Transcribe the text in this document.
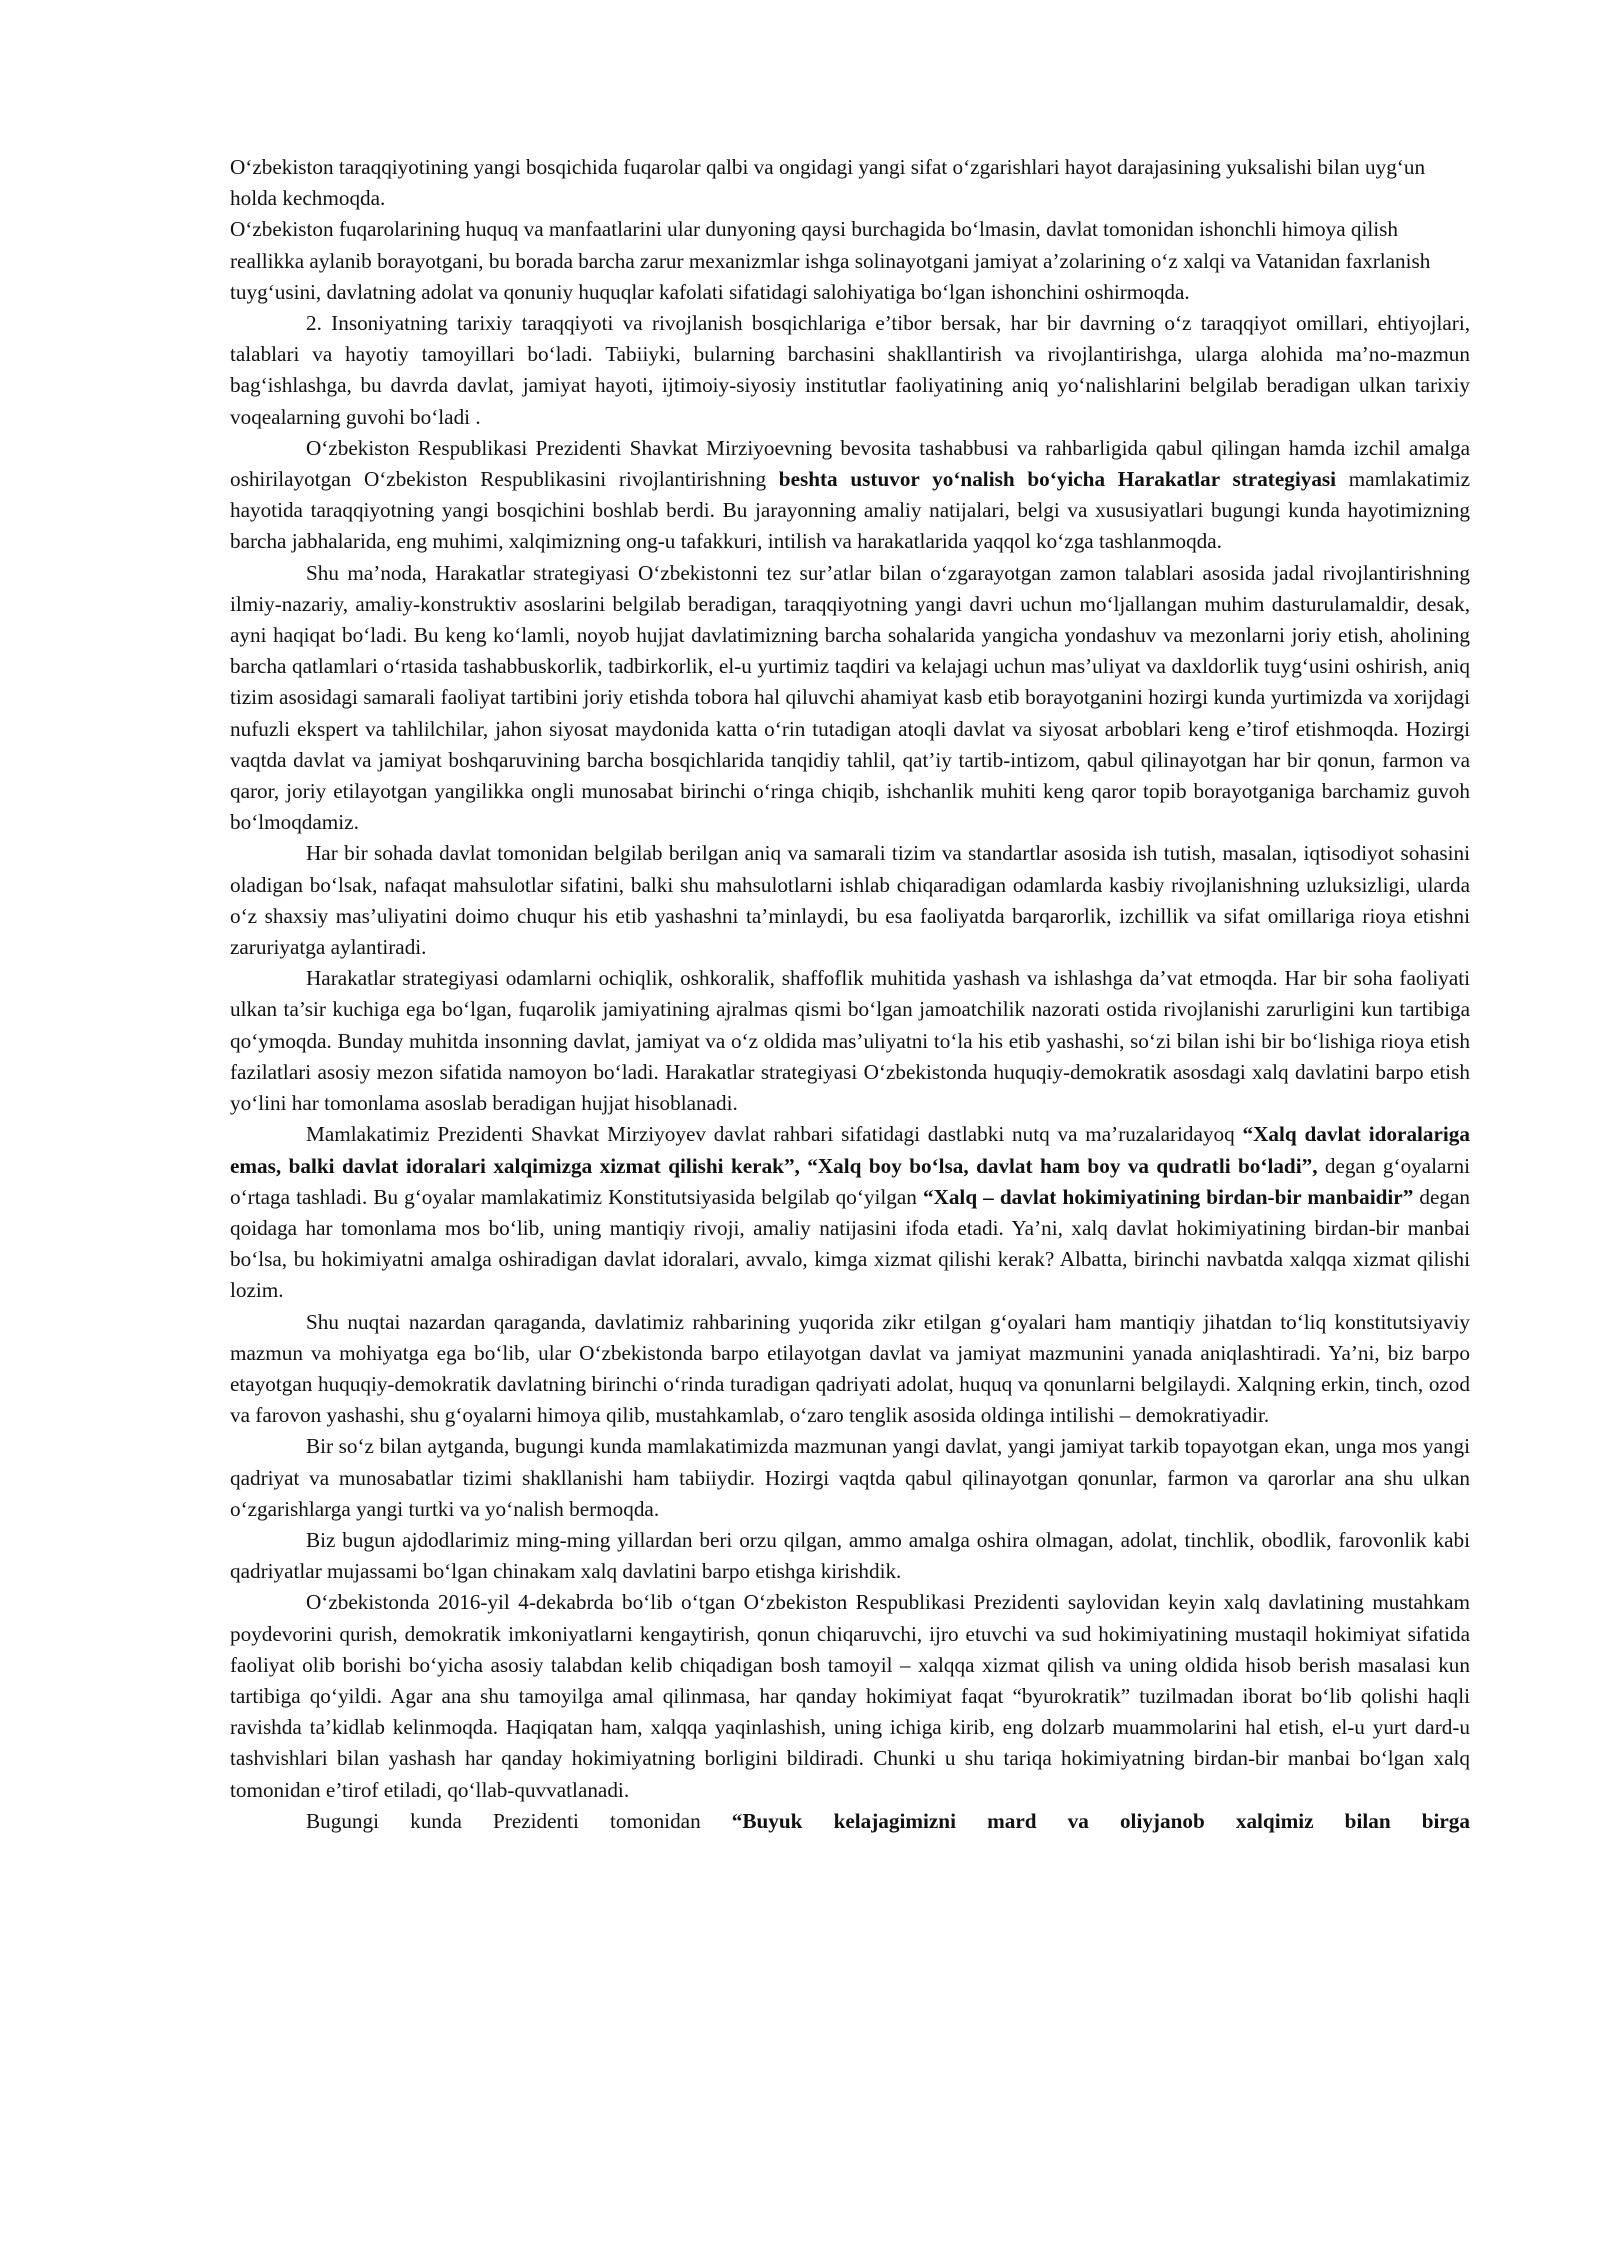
O‘zbekiston taraqqiyotining yangi bosqichida fuqarolar qalbi va ongidagi yangi sifat o‘zgarishlari hayot darajasining yuksalishi bilan uyg‘un holda kechmoqda.

O‘zbekiston fuqarolarining huquq va manfaatlarini ular dunyoning qaysi burchagida bo‘lmasin, davlat tomonidan ishonchli himoya qilish reallikka aylanib borayotgani, bu borada barcha zarur mexanizmlar ishga solinayotgani jamiyat a’zolarining o‘z xalqi va Vatanidan faxrlanish tuyg‘usini, davlatning adolat va qonuniy huquqlar kafolati sifatidagi salohiyatiga bo‘lgan ishonchini oshirmoqda.

2. Insoniyatning tarixiy taraqqiyoti va rivojlanish bosqichlariga e’tibor bersak, har bir davrning o‘z taraqqiyot omillari, ehtiyojlari, talablari va hayotiy tamoyillari bo‘ladi. Tabiiyki, bularning barchasini shakllantirish va rivojlantirishga, ularga alohida ma’no-mazmun bag‘ishlashga, bu davrda davlat, jamiyat hayoti, ijtimoiy-siyosiy institutlar faoliyatining aniq yo‘nalishlarini belgilab beradigan ulkan tarixiy voqealarning guvohi bo‘ladi .

O‘zbekiston Respublikasi Prezidenti Shavkat Mirziyoevning bevosita tashabbusi va rahbarligida qabul qilingan hamda izchil amalga oshirilayotgan O‘zbekiston Respublikasini rivojlantirishning beshta ustuvor yo‘nalish bo‘yicha Harakatlar strategiyasi mamlakatimiz hayotida taraqqiyotning yangi bosqichini boshlab berdi. Bu jarayonning amaliy natijalari, belgi va xususiyatlari bugungi kunda hayotimizning barcha jabhalarida, eng muhimi, xalqimizning ong-u tafakkuri, intilish va harakatlarida yaqqol ko‘zga tashlanmoqda.

Shu ma’noda, Harakatlar strategiyasi O‘zbekistonni tez sur’atlar bilan o‘zgarayotgan zamon talablari asosida jadal rivojlantirishning ilmiy-nazariy, amaliy-konstruktiv asoslarini belgilab beradigan, taraqqiyotning yangi davri uchun mo‘ljallangan muhim dasturulamaldir, desak, ayni haqiqat bo‘ladi. Bu keng ko‘lamli, noyob hujjat davlatimizning barcha sohalarida yangicha yondashuv va mezonlarni joriy etish, aholining barcha qatlamlari o‘rtasida tashabbuskorlik, tadbirkorlik, el-u yurtimiz taqdiri va kelajagi uchun mas’uliyat va daxldorlik tuyg‘usini oshirish, aniq tizim asosidagi samarali faoliyat tartibini joriy etishda tobora hal qiluvchi ahamiyat kasb etib borayotganini hozirgi kunda yurtimizda va xorijdagi nufuzli ekspert va tahlilchilar, jahon siyosat maydonida katta o‘rin tutadigan atoqli davlat va siyosat arboblari keng e’tirof etishmoqda. Hozirgi vaqtda davlat va jamiyat boshqaruvining barcha bosqichlarida tanqidiy tahlil, qat’iy tartib-intizom, qabul qilinayotgan har bir qonun, farmon va qaror, joriy etilayotgan yangilikka ongli munosabat birinchi o‘ringa chiqib, ishchanlik muhiti keng qaror topib borayotganiga barchamiz guvoh bo‘lmoqdamiz.

Har bir sohada davlat tomonidan belgilab berilgan aniq va samarali tizim va standartlar asosida ish tutish, masalan, iqtisodiyot sohasini oladigan bo‘lsak, nafaqat mahsulotlar sifatini, balki shu mahsulotlarni ishlab chiqaradigan odamlarda kasbiy rivojlanishning uzluksizligi, ularda o‘z shaxsiy mas’uliyatini doimo chuqur his etib yashashni ta’minlaydi, bu esa faoliyatda barqarorlik, izchillik va sifat omillariga rioya etishni zaruriyatga aylantiradi.

Harakatlar strategiyasi odamlarni ochiqlik, oshkoralik, shaffoflik muhitida yashash va ishlashga da’vat etmoqda. Har bir soha faoliyati ulkan ta’sir kuchiga ega bo‘lgan, fuqarolik jamiyatining ajralmas qismi bo‘lgan jamoatchilik nazorati ostida rivojlanishi zarurligini kun tartibiga qo‘ymoqda. Bunday muhitda insonning davlat, jamiyat va o‘z oldida mas’uliyatni to‘la his etib yashashi, so‘zi bilan ishi bir bo‘lishiga rioya etish fazilatlari asosiy mezon sifatida namoyon bo‘ladi. Harakatlar strategiyasi O‘zbekistonda huquqiy-demokratik asosdagi xalq davlatini barpo etish yo‘lini har tomonlama asoslab beradigan hujjat hisoblanadi.

Mamlakatimiz Prezidenti Shavkat Mirziyoyev davlat rahbari sifatidagi dastlabki nutq va ma’ruzalaridayoq “Xalq davlat idoralariga emas, balki davlat idoralari xalqimizga xizmat qilishi kerak”, “Xalq boy bo‘lsa, davlat ham boy va qudratli bo‘ladi”, degan g‘oyalarni o‘rtaga tashladi. Bu g‘oyalar mamlakatimiz Konstitutsiyasida belgilab qo‘yilgan “Xalq – davlat hokimiyatining birdan-bir manbaidir” degan qoidaga har tomonlama mos bo‘lib, uning mantiqiy rivoji, amaliy natijasini ifoda etadi. Ya’ni, xalq davlat hokimiyatining birdan-bir manbai bo‘lsa, bu hokimiyatni amalga oshiradigan davlat idoralari, avvalo, kimga xizmat qilishi kerak? Albatta, birinchi navbatda xalqqa xizmat qilishi lozim.

Shu nuqtai nazardan qaraganda, davlatimiz rahbarining yuqorida zikr etilgan g‘oyalari ham mantiqiy jihatdan to‘liq konstitutsiyaviy mazmun va mohiyatga ega bo‘lib, ular O‘zbekistonda barpo etilayotgan davlat va jamiyat mazmunini yanada aniqlashtiradi. Ya’ni, biz barpo etayotgan huquqiy-demokratik davlatning birinchi o‘rinda turadigan qadriyati adolat, huquq va qonunlarni belgilaydi. Xalqning erkin, tinch, ozod va farovon yashashi, shu g‘oyalarni himoya qilib, mustahkamlab, o‘zaro tenglik asosida oldinga intilishi – demokratiyadir.

Bir so‘z bilan aytganda, bugungi kunda mamlakatimizda mazmunan yangi davlat, yangi jamiyat tarkib topayotgan ekan, unga mos yangi qadriyat va munosabatlar tizimi shakllanishi ham tabiiydir. Hozirgi vaqtda qabul qilinayotgan qonunlar, farmon va qarorlar ana shu ulkan o‘zgarishlarga yangi turtki va yo‘nalish bermoqda.

Biz bugun ajdodlarimiz ming-ming yillardan beri orzu qilgan, ammo amalga oshira olmagan, adolat, tinchlik, obodlik, farovonlik kabi qadriyatlar mujassami bo‘lgan chinakam xalq davlatini barpo etishga kirishdik.

O‘zbekistonda 2016-yil 4-dekabrda bo‘lib o‘tgan O‘zbekiston Respublikasi Prezidenti saylovidan keyin xalq davlatining mustahkam poydevorini qurish, demokratik imkoniyatlarni kengaytirish, qonun chiqaruvchi, ijro etuvchi va sud hokimiyatining mustaqil hokimiyat sifatida faoliyat olib borishi bo‘yicha asosiy talabdan kelib chiqadigan bosh tamoyil – xalqqa xizmat qilish va uning oldida hisob berish masalasi kun tartibiga qo‘yildi. Agar ana shu tamoyilga amal qilinmasa, har qanday hokimiyat faqat “byurokratik” tuzilmadan iborat bo‘lib qolishi haqli ravishda ta’kidlab kelinmoqda. Haqiqatan ham, xalqqa yaqinlashish, uning ichiga kirib, eng dolzarb muammolarini hal etish, el-u yurt dard-u tashvishlari bilan yashash har qanday hokimiyatning borligini bildiradi. Chunki u shu tariqa hokimiyatning birdan-bir manbai bo‘lgan xalq tomonidan e’tirof etiladi, qo‘llab-quvvatlanadi.

Bugungi kunda Prezidenti tomonidan “Buyuk kelajagimizni mard va oliyjanob xalqimiz bilan birga
